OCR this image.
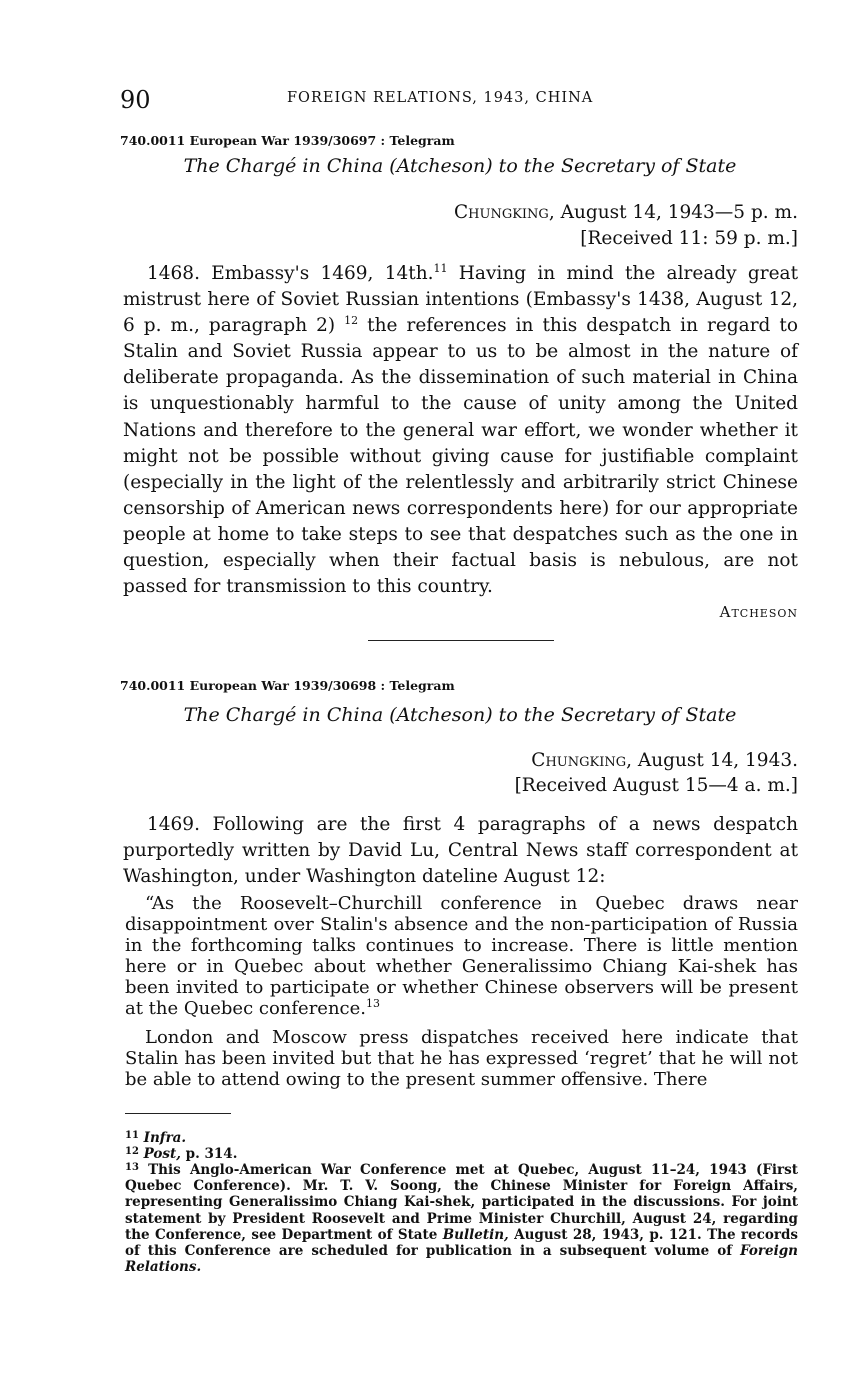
90	FOREIGN RELATIONS, 1943, CHINA
740.0011 European War 1939/30697 : Telegram
The Chargé in China (Atcheson) to the Secretary of State
Chungking, August 14, 1943—5 p. m.
[Received 11: 59 p. m.]

1468. Embassy's 1469, 14th.$^{11}$ Having in mind the already great mistrust here of Soviet Russian intentions (Embassy's 1438, August 12, 6 p. m., paragraph 2) $^{12}$ the references in this despatch in regard to Stalin and Soviet Russia appear to us to be almost in the nature of deliberate propaganda. As the dissemination of such material in China is unquestionably harmful to the cause of unity among the United Nations and therefore to the general war effort, we wonder whether it might not be possible without giving cause for justifiable complaint (especially in the light of the relentlessly and arbitrarily strict Chinese censorship of American news correspondents here) for our appropriate people at home to take steps to see that despatches such as the one in question, especially when their factual basis is nebulous, are not passed for transmission to this country.

Atcheson
740.0011 European War 1939/30698 : Telegram
The Chargé in China (Atcheson) to the Secretary of State
Chungking, August 14, 1943.
[Received August 15—4 a. m.]

1469. Following are the first 4 paragraphs of a news despatch purportedly written by David Lu, Central News staff correspondent at Washington, under Washington dateline August 12:

“As the Roosevelt–Churchill conference in Quebec draws near disappointment over Stalin's absence and the non-participation of Russia in the forthcoming talks continues to increase. There is little mention here or in Quebec about whether Generalissimo Chiang Kai-shek has been invited to participate or whether Chinese observers will be present at the Quebec conference.$^{13}$

London and Moscow press dispatches received here indicate that Stalin has been invited but that he has expressed ‘regret’ that he will not be able to attend owing to the present summer offensive. There

$^{11}$ Infra.

$^{12}$ Post, p. 314.

$^{13}$ This Anglo-American War Conference met at Quebec, August 11–24, 1943 (First Quebec Conference). Mr. T. V. Soong, the Chinese Minister for Foreign Affairs, representing Generalissimo Chiang Kai-shek, participated in the discussions. For joint statement by President Roosevelt and Prime Minister Churchill, August 24, regarding the Conference, see Department of State Bulletin, August 28, 1943, p. 121. The records of this Conference are scheduled for publication in a subsequent volume of Foreign Relations.
